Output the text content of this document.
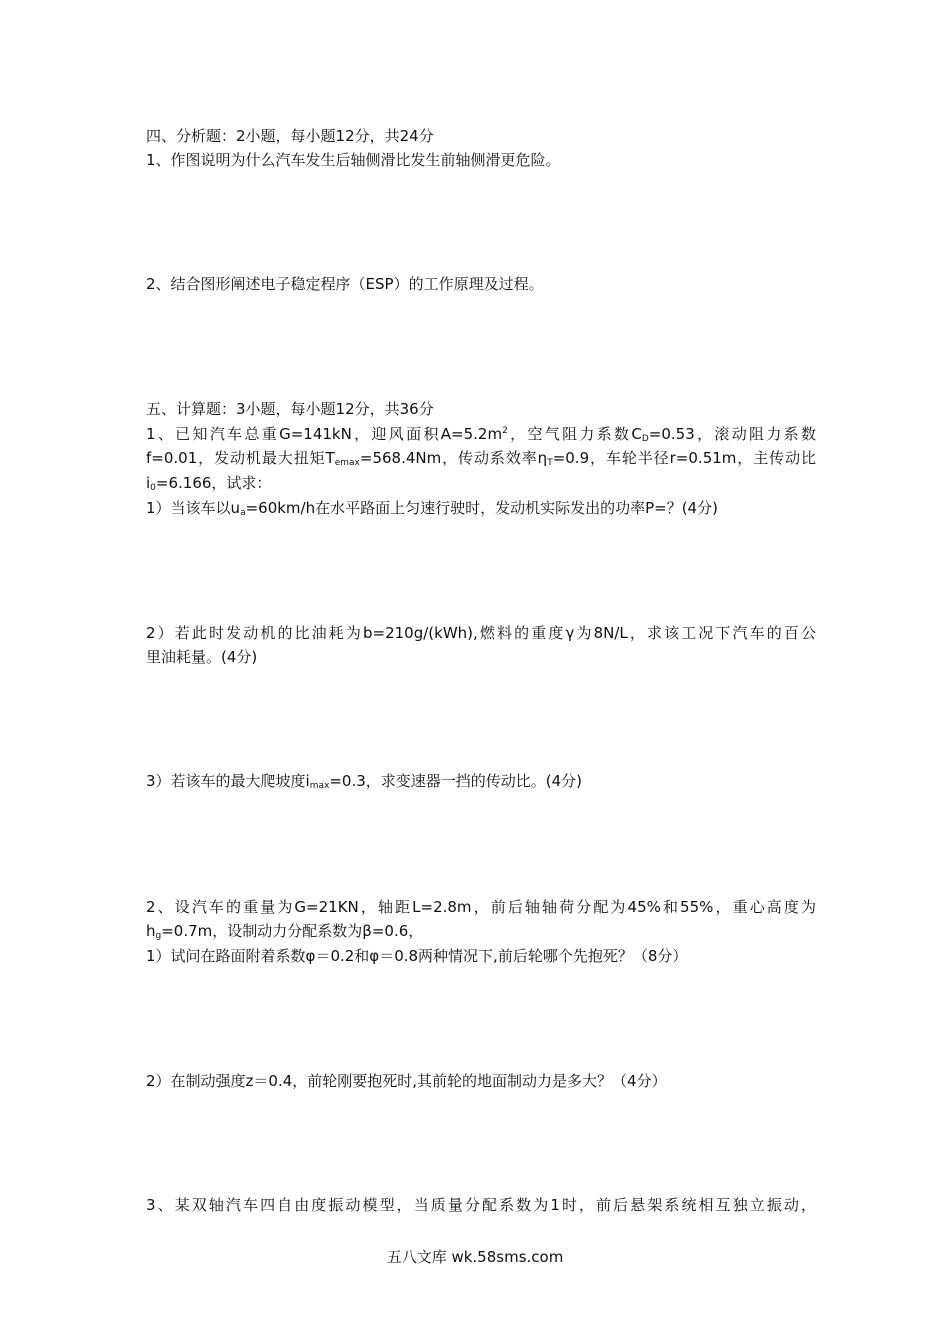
四、分析题：2小题，每小题12分，共24分

1、作图说明为什么汽车发生后轴侧滑比发生前轴侧滑更危险。

2、结合图形阐述电子稳定程序（ESP）的工作原理及过程。

五、计算题：3小题，每小题12分，共36分

1、已知汽车总重G=141kN，迎风面积$A=5.2m^2$，空气阻力系数$C_D=0.53$，滚动阻力系数

f=0.01，发动机最大扭矩$T_{emax}=568.4Nm$，传动系效率$\eta_T=0.9$，车轮半径r=0.51m，主传动比

$i_0=6.166$，试求：

1）当该车以$u_a=60km/h$在水平路面上匀速行驶时，发动机实际发出的功率P=？(4分)

2）若此时发动机的比油耗为b=210g/(kWh),燃料的重度γ为8N/L，求该工况下汽车的百公

里油耗量。(4分)

3）若该车的最大爬坡度$i_{max}=0.3$，求变速器一挡的传动比。(4分)

2、设汽车的重量为G=21KN，轴距L=2.8m，前后轴轴荷分配为45%和55%，重心高度为

$h_g=0.7m$，设制动力分配系数为β=0.6，

1）试问在路面附着系数φ＝0.2和φ＝0.8两种情况下,前后轮哪个先抱死？（8分）

2）在制动强度z＝0.4，前轮刚要抱死时,其前轮的地面制动力是多大？（4分）

3、某双轴汽车四自由度振动模型，当质量分配系数为1时，前后悬架系统相互独立振动，

五八文库 wk.58sms.com
